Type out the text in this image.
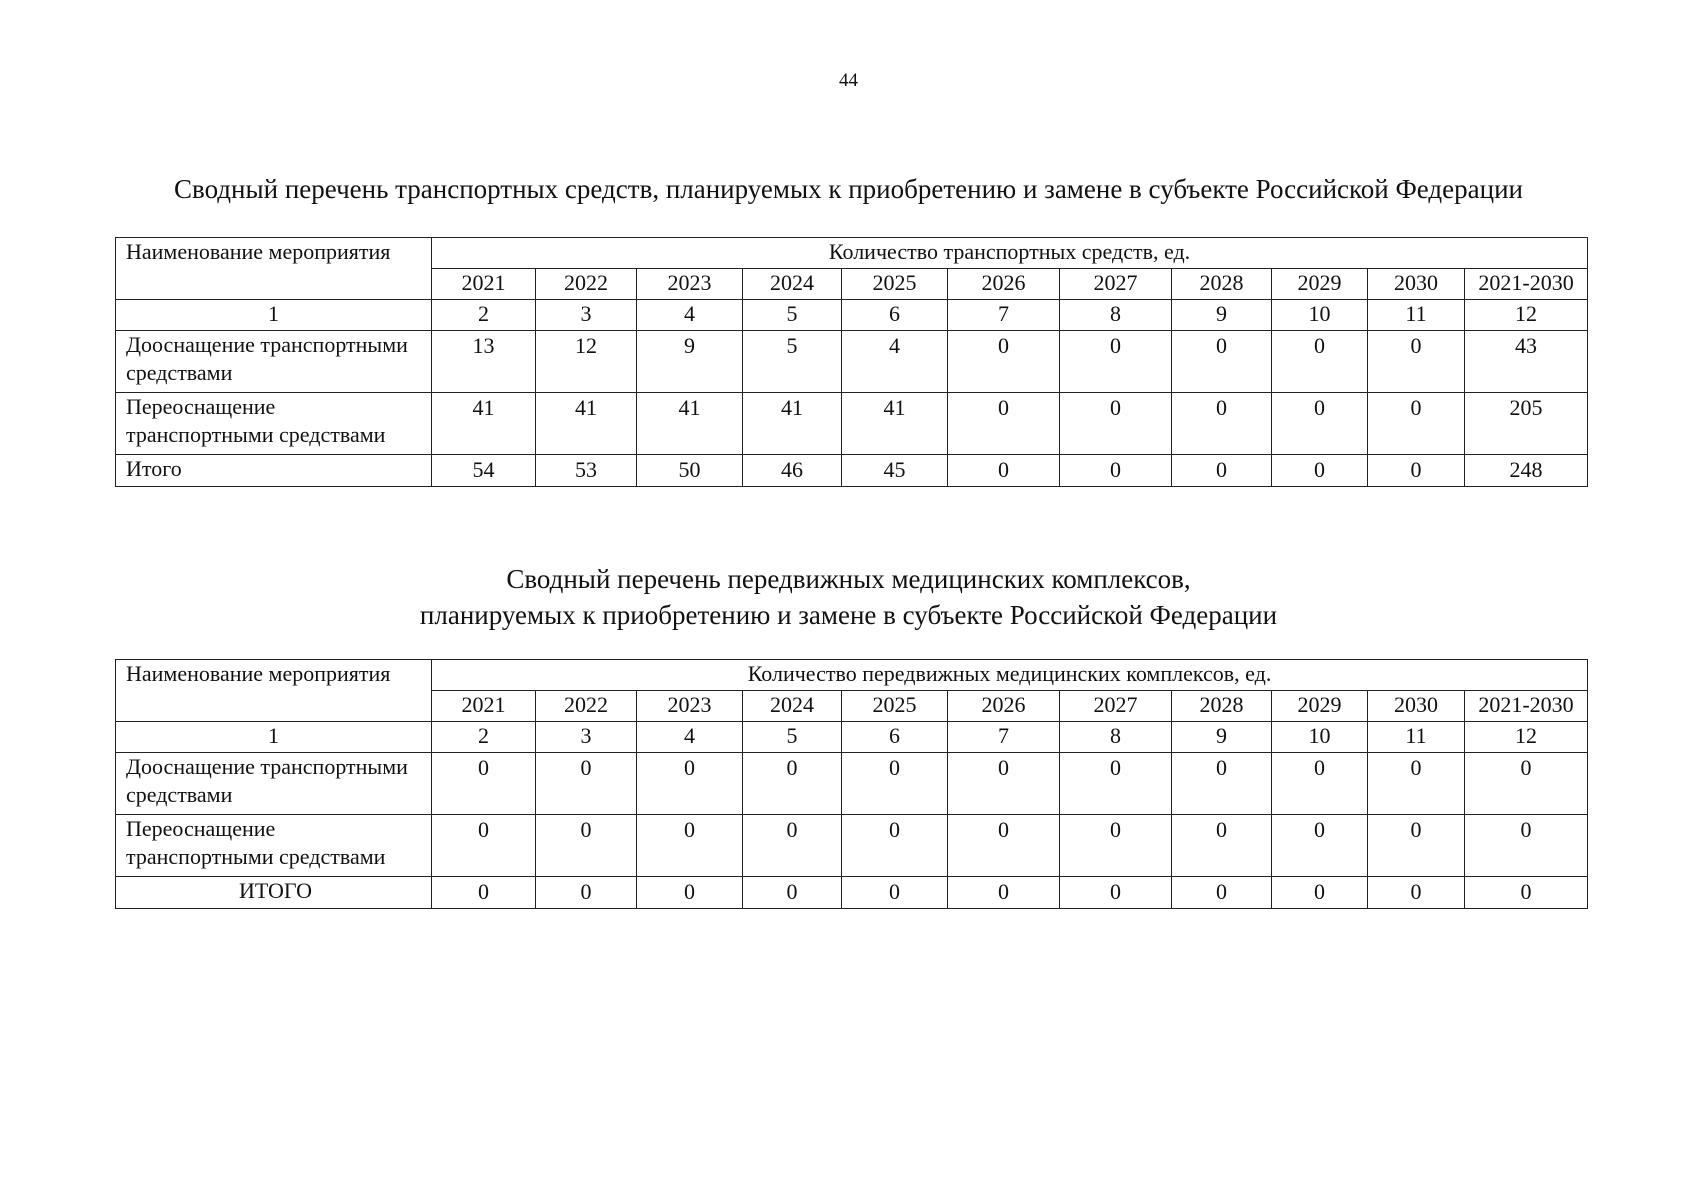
44
Сводный перечень транспортных средств, планируемых к приобретению и замене в субъекте Российской Федерации
Наименование мероприятия	Количество транспортных средств, ед.										
	2021	2022	2023	2024	2025	2026	2027	2028	2029	2030	2021-2030
1	2	3	4	5	6	7	8	9	10	11	12
Дооснащение транспортными средствами	13	12	9	5	4	0	0	0	0	0	43
Переоснащение транспортными средствами	41	41	41	41	41	0	0	0	0	0	205
Итого	54	53	50	46	45	0	0	0	0	0	248
Сводный перечень передвижных медицинских комплексов,
планируемых к приобретению и замене в субъекте Российской Федерации
Наименование мероприятия	Количество передвижных медицинских комплексов, ед.										
	2021	2022	2023	2024	2025	2026	2027	2028	2029	2030	2021-2030
1	2	3	4	5	6	7	8	9	10	11	12
Дооснащение транспортными средствами	0	0	0	0	0	0	0	0	0	0	0
Переоснащение транспортными средствами	0	0	0	0	0	0	0	0	0	0	0
ИТОГО	0	0	0	0	0	0	0	0	0	0	0
